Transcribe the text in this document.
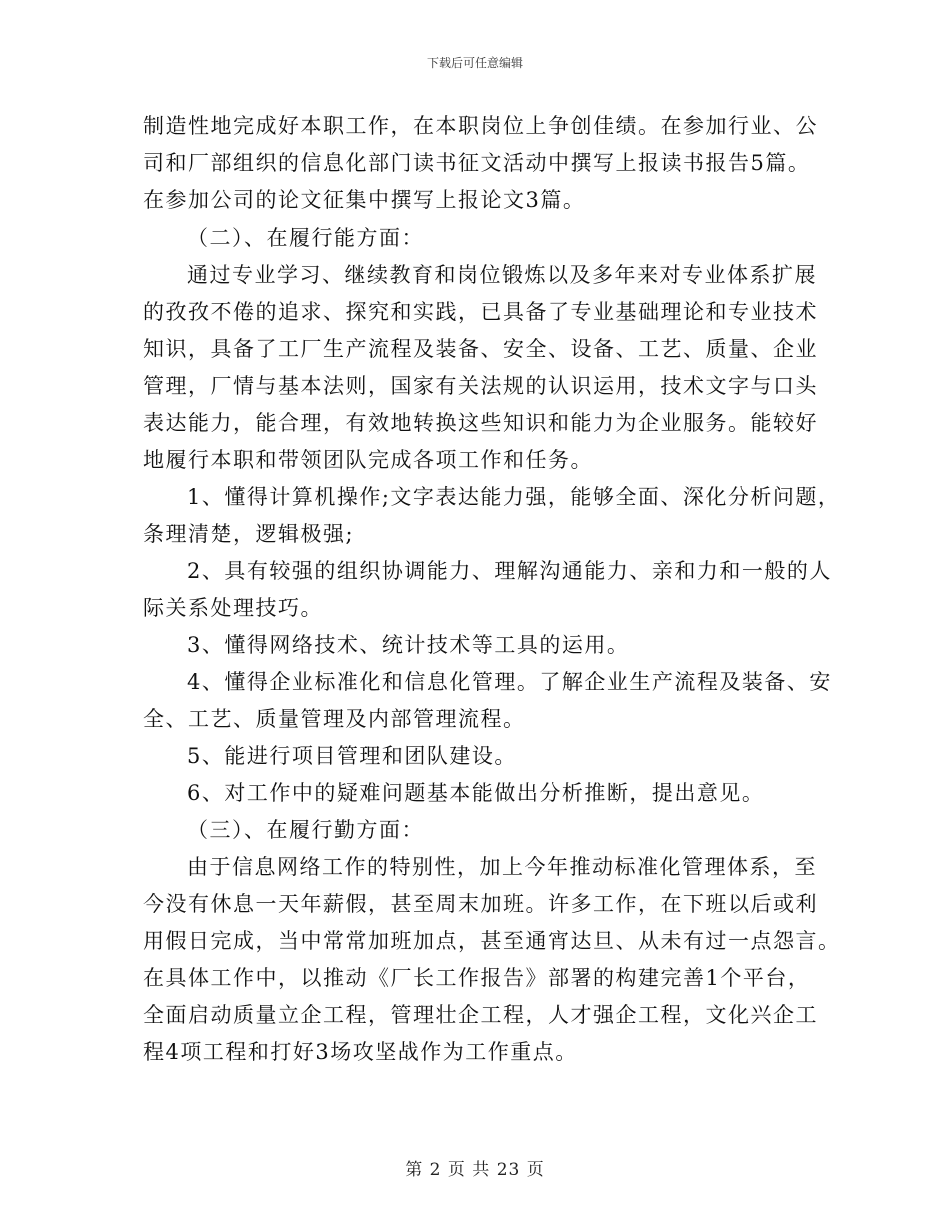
下载后可任意编辑
制造性地完成好本职工作，在本职岗位上争创佳绩。在参加行业、公
司和厂部组织的信息化部门读书征文活动中撰写上报读书报告5篇。
在参加公司的论文征集中撰写上报论文3篇。
（二）、在履行能方面：
通过专业学习、继续教育和岗位锻炼以及多年来对专业体系扩展
的孜孜不倦的追求、探究和实践，已具备了专业基础理论和专业技术
知识，具备了工厂生产流程及装备、安全、设备、工艺、质量、企业
管理，厂情与基本法则，国家有关法规的认识运用，技术文字与口头
表达能力，能合理，有效地转换这些知识和能力为企业服务。能较好
地履行本职和带领团队完成各项工作和任务。
1、懂得计算机操作;文字表达能力强，能够全面、深化分析问题，
条理清楚，逻辑极强;
2、具有较强的组织协调能力、理解沟通能力、亲和力和一般的人
际关系处理技巧。
3、懂得网络技术、统计技术等工具的运用。
4、懂得企业标准化和信息化管理。了解企业生产流程及装备、安
全、工艺、质量管理及内部管理流程。
5、能进行项目管理和团队建设。
6、对工作中的疑难问题基本能做出分析推断，提出意见。
（三）、在履行勤方面：
由于信息网络工作的特别性，加上今年推动标准化管理体系，至
今没有休息一天年薪假，甚至周末加班。许多工作，在下班以后或利
用假日完成，当中常常加班加点，甚至通宵达旦、从未有过一点怨言。
在具体工作中，以推动《厂长工作报告》部署的构建完善1个平台，
全面启动质量立企工程，管理壮企工程，人才强企工程，文化兴企工
程4项工程和打好3场攻坚战作为工作重点。
第 2 页 共 23 页
